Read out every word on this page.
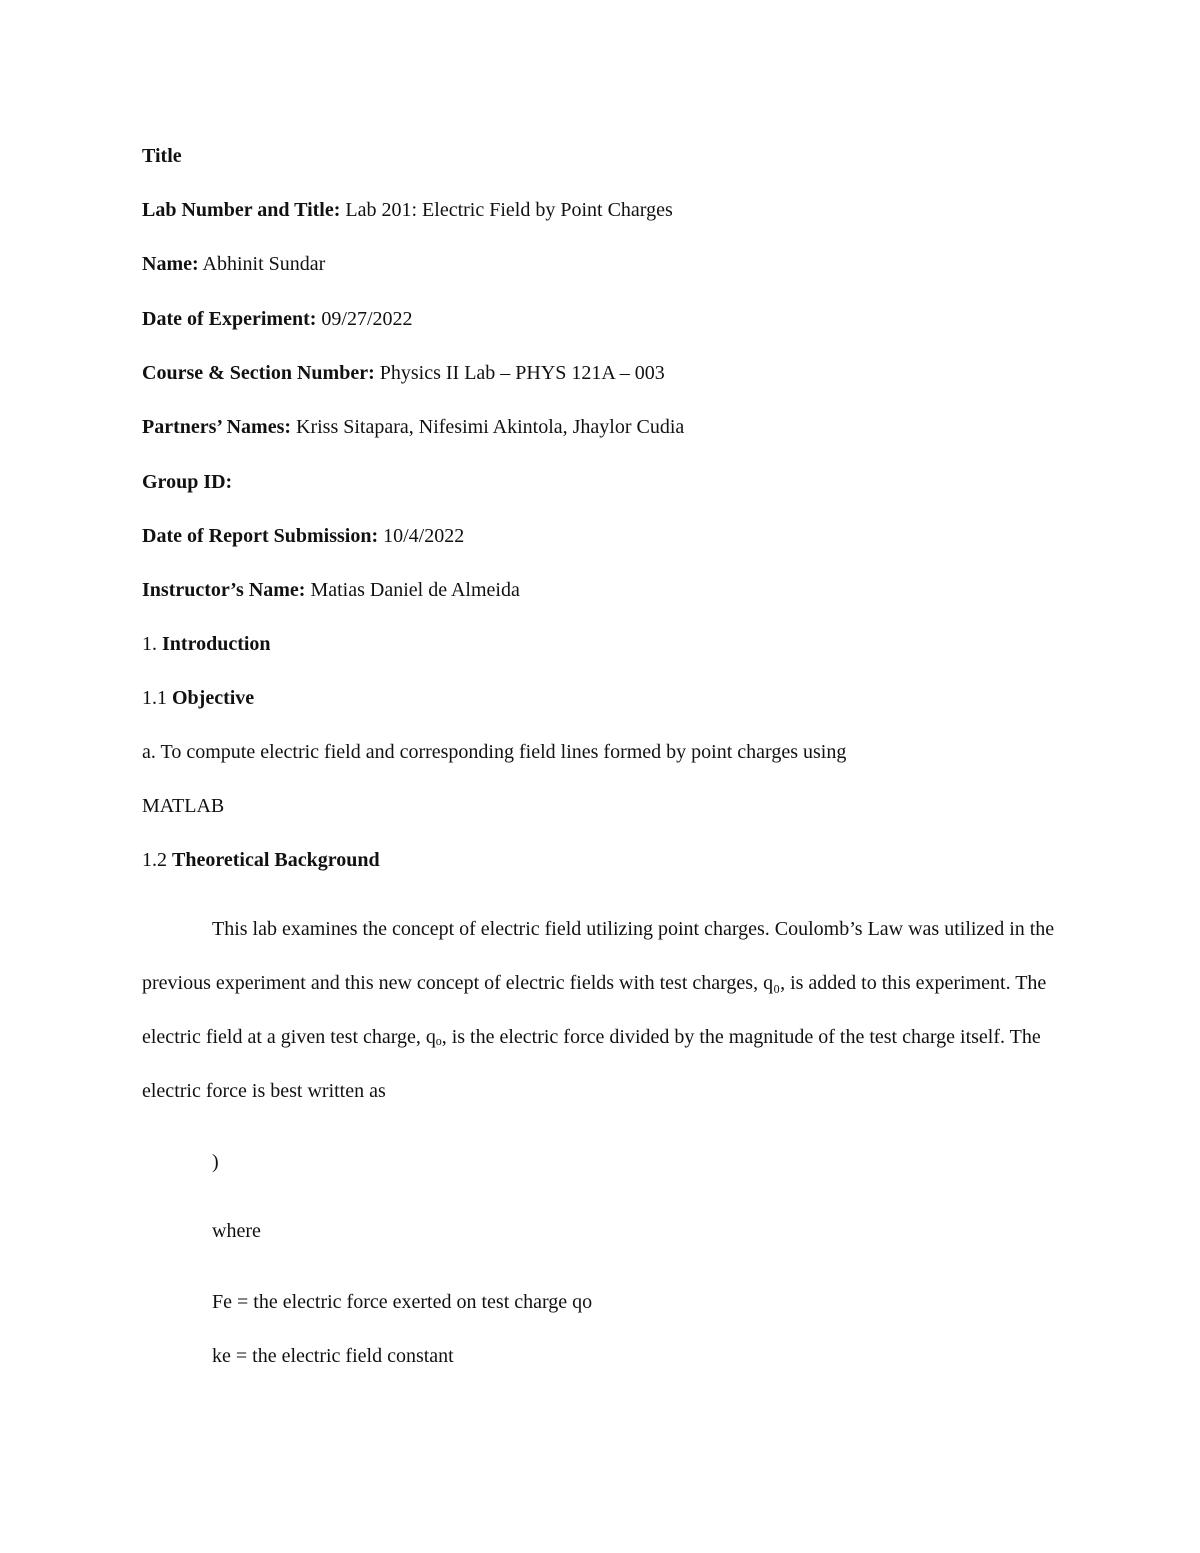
Title

Lab Number and Title: Lab 201: Electric Field by Point Charges

Name: Abhinit Sundar

Date of Experiment: 09/27/2022

Course & Section Number: Physics II Lab – PHYS 121A – 003

Partners’ Names: Kriss Sitapara, Nifesimi Akintola, Jhaylor Cudia

Group ID:

Date of Report Submission: 10/4/2022

Instructor’s Name: Matias Daniel de Almeida

1. Introduction

1.1 Objective

a. To compute electric field and corresponding field lines formed by point charges using

MATLAB

1.2 Theoretical Background

This lab examines the concept of electric field utilizing point charges. Coulomb’s Law was utilized in the previous experiment and this new concept of electric fields with test charges, q₀, is added to this experiment. The electric field at a given test charge, qₒ, is the electric force divided by the magnitude of the test charge itself. The electric force is best written as

)

where

Fe = the electric force exerted on test charge qo

ke = the electric field constant
